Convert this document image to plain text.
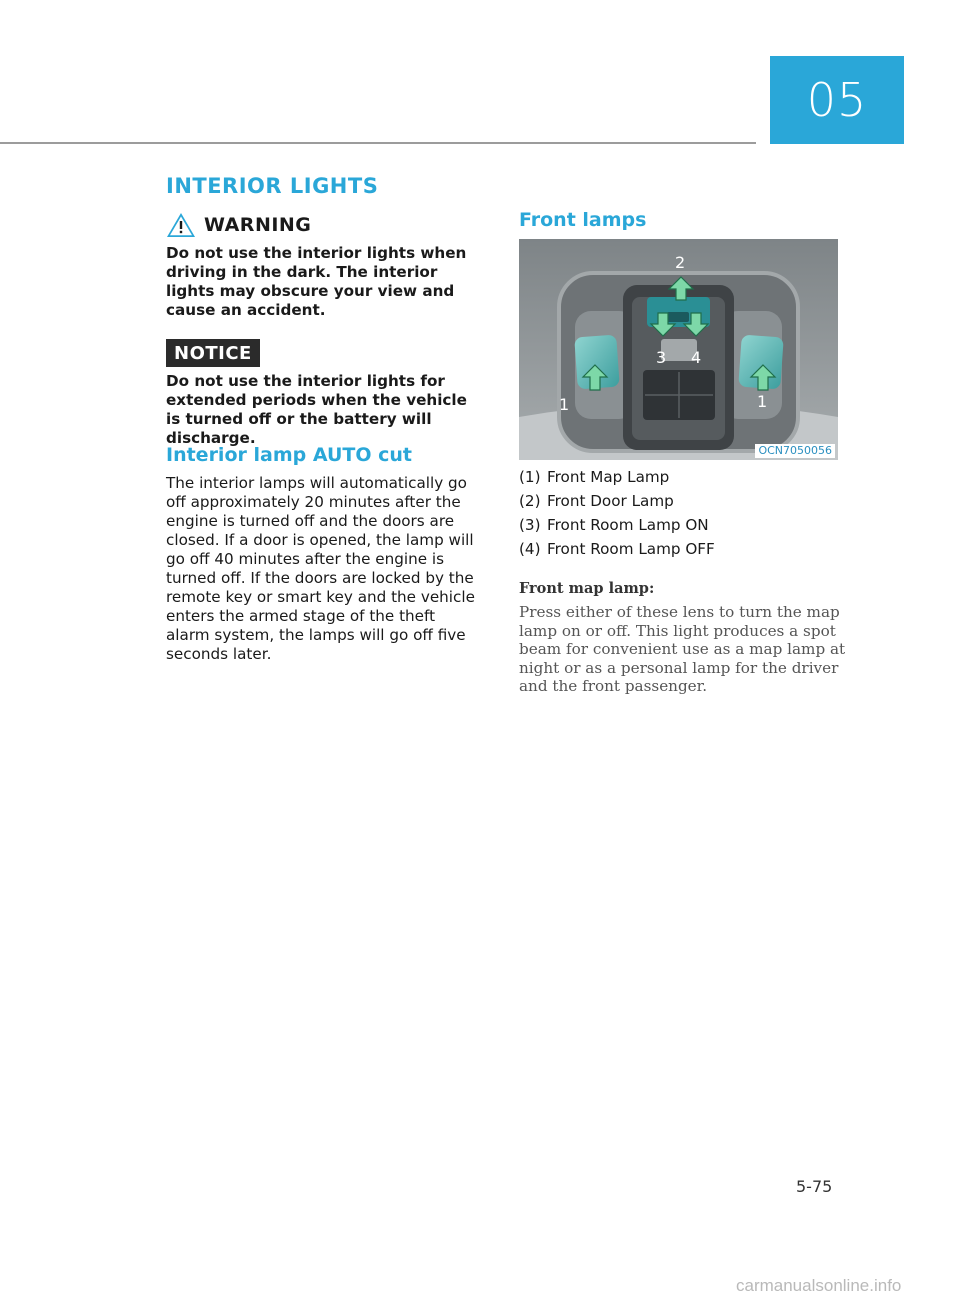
05
INTERIOR LIGHTS
WARNING

Do not use the interior lights when driving in the dark. The interior lights may obscure your view and cause an accident.

NOTICE

Do not use the interior lights for extended periods when the vehicle is turned off or the battery will discharge.

Interior lamp AUTO cut

The interior lamps will automatically go off approximately 20 minutes after the engine is turned off and the doors are closed. If a door is opened, the lamp will go off 40 minutes after the engine is turned off. If the doors are locked by the remote key or smart key and the vehicle enters the armed stage of the theft alarm system, the lamps will go off five seconds later.

Front lamps
1
2
3 4
1
OCN7050056
(1) Front Map Lamp
(2) Front Door Lamp
(3) Front Room Lamp ON
(4) Front Room Lamp OFF
Front map lamp:

Press either of these lens to turn the map lamp on or off. This light produces a spot beam for convenient use as a map lamp at night or as a personal lamp for the driver and the front passenger.

5-75
carmanualsonline.info
